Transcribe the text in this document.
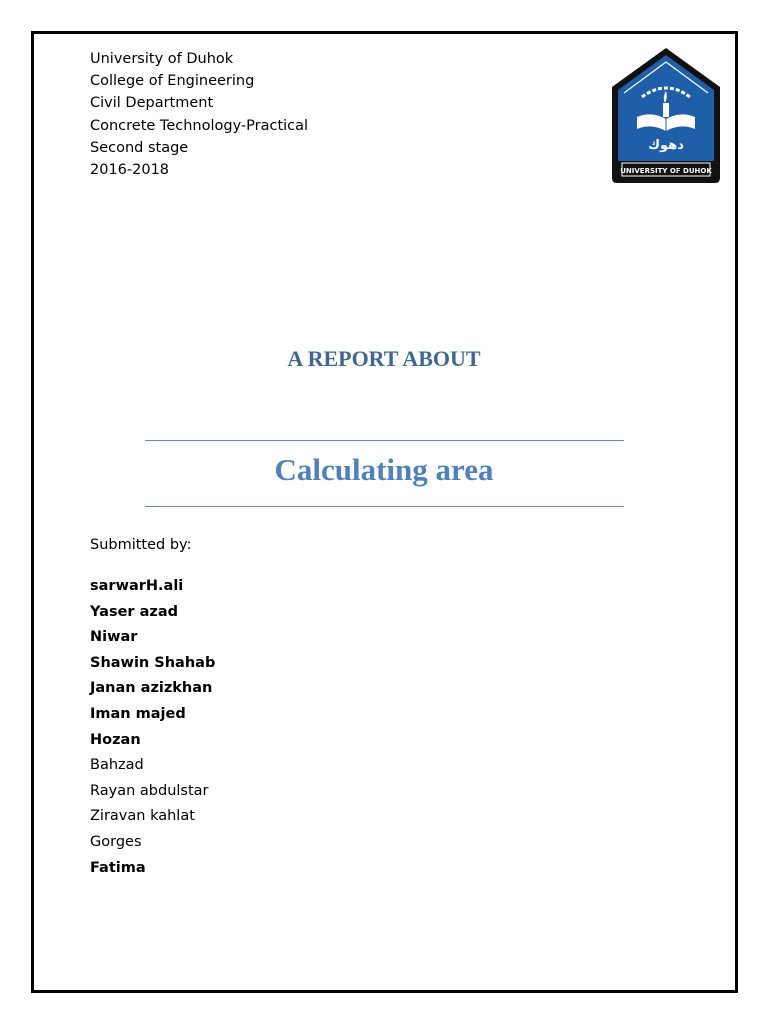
University of Duhok
College of Engineering
Civil Department
Concrete Technology-Practical
Second stage
2016-2018
دهوك
UNIVERSITY OF DUHOK
A REPORT ABOUT
Calculating area
Submitted by:
sarwarH.ali
Yaser azad
Niwar
Shawin Shahab
Janan azizkhan
Iman majed
Hozan
Bahzad
Rayan abdulstar
Ziravan kahlat
Gorges
Fatima
